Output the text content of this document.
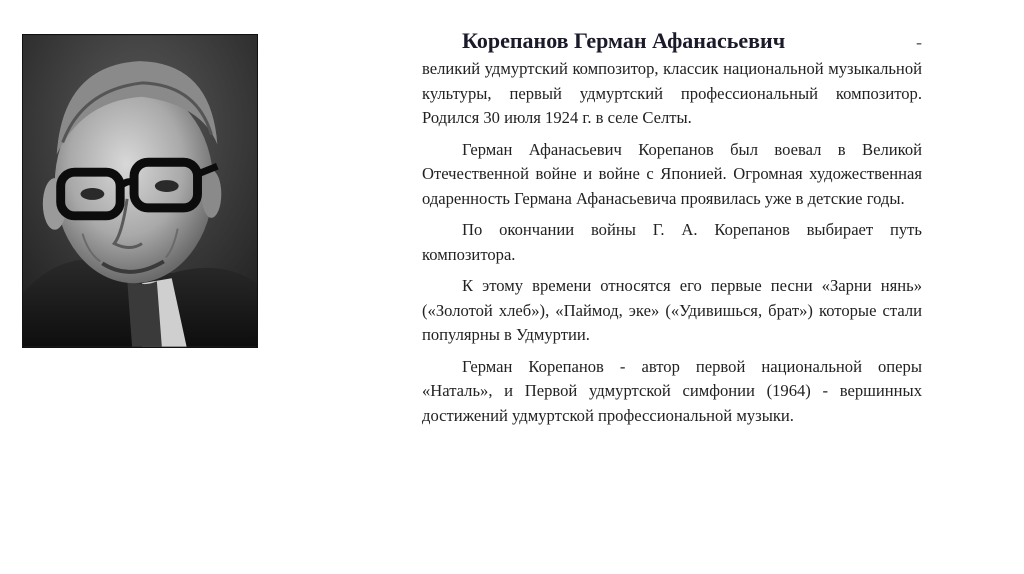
Корепанов Герман Афанасьевич	-

великий удмуртский композитор, классик национальной музыкальной культуры, первый удмуртский профессиональный композитор. Родился 30 июля 1924 г. в селе Селты.

Герман Афанасьевич Корепанов был воевал в Великой Отечественной войне и войне с Японией. Огромная художественная одаренность Германа Афанасьевича проявилась уже в детские годы.

По окончании войны Г. А. Корепанов выбирает путь композитора.

К этому времени относятся его первые песни «Зарни нянь» («Золотой хлеб»), «Паймод, эке» («Удивишься, брат») которые стали популярны в Удмуртии.

Герман Корепанов - автор первой национальной оперы «Наталь», и Первой удмуртской симфонии (1964) - вершинных достижений удмуртской профессиональной музыки.
